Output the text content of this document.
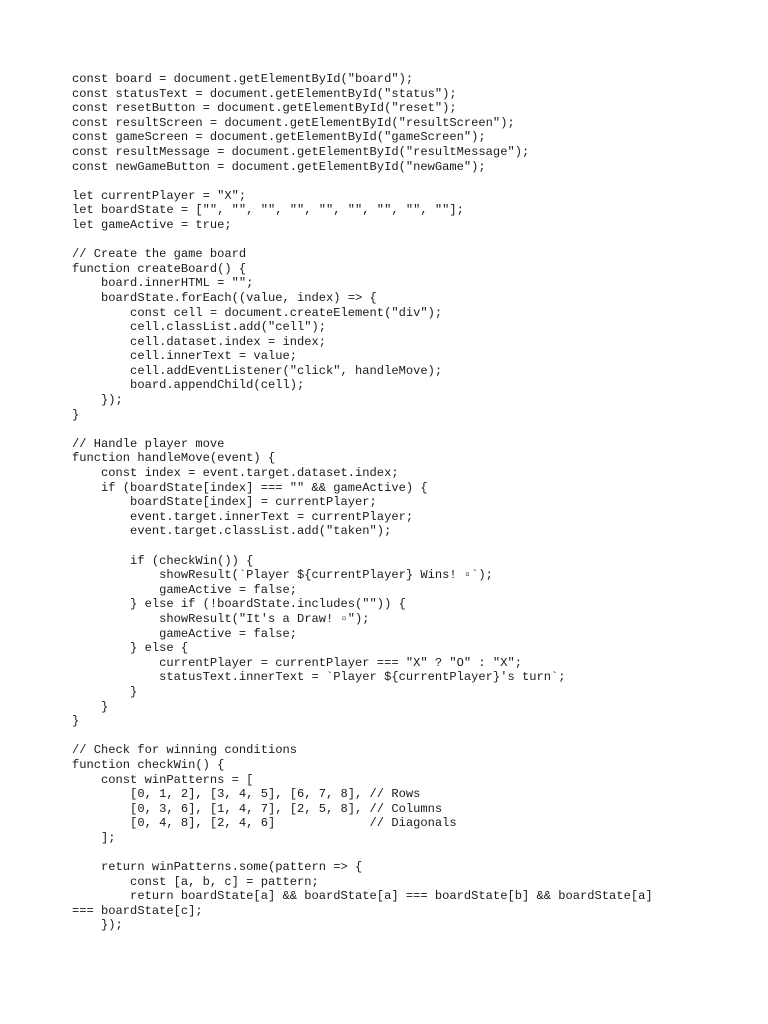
const board = document.getElementById("board");
const statusText = document.getElementById("status");
const resetButton = document.getElementById("reset");
const resultScreen = document.getElementById("resultScreen");
const gameScreen = document.getElementById("gameScreen");
const resultMessage = document.getElementById("resultMessage");
const newGameButton = document.getElementById("newGame");
let currentPlayer = "X";
let boardState = ["", "", "", "", "", "", "", "", ""];
let gameActive = true;
// Create the game board
function createBoard() {
board.innerHTML = "";
boardState.forEach((value, index) => {
const cell = document.createElement("div");
cell.classList.add("cell");
cell.dataset.index = index;
cell.innerText = value;
cell.addEventListener("click", handleMove);
board.appendChild(cell);
});
}
// Handle player move
function handleMove(event) {
const index = event.target.dataset.index;
if (boardState[index] === "" && gameActive) {
boardState[index] = currentPlayer;
event.target.innerText = currentPlayer;
event.target.classList.add("taken");
if (checkWin()) {
showResult(`Player ${currentPlayer} Wins! ▫`);
gameActive = false;
} else if (!boardState.includes("")) {
showResult("It's a Draw! ▫");
gameActive = false;
} else {
currentPlayer = currentPlayer === "X" ? "O" : "X";
statusText.innerText = `Player ${currentPlayer}'s turn`;
}
}
}
// Check for winning conditions
function checkWin() {
const winPatterns = [
[0, 1, 2], [3, 4, 5], [6, 7, 8], // Rows
[0, 3, 6], [1, 4, 7], [2, 5, 8], // Columns
[0, 4, 8], [2, 4, 6]             // Diagonals
];
return winPatterns.some(pattern => {
const [a, b, c] = pattern;
return boardState[a] && boardState[a] === boardState[b] && boardState[a]
=== boardState[c];
});
